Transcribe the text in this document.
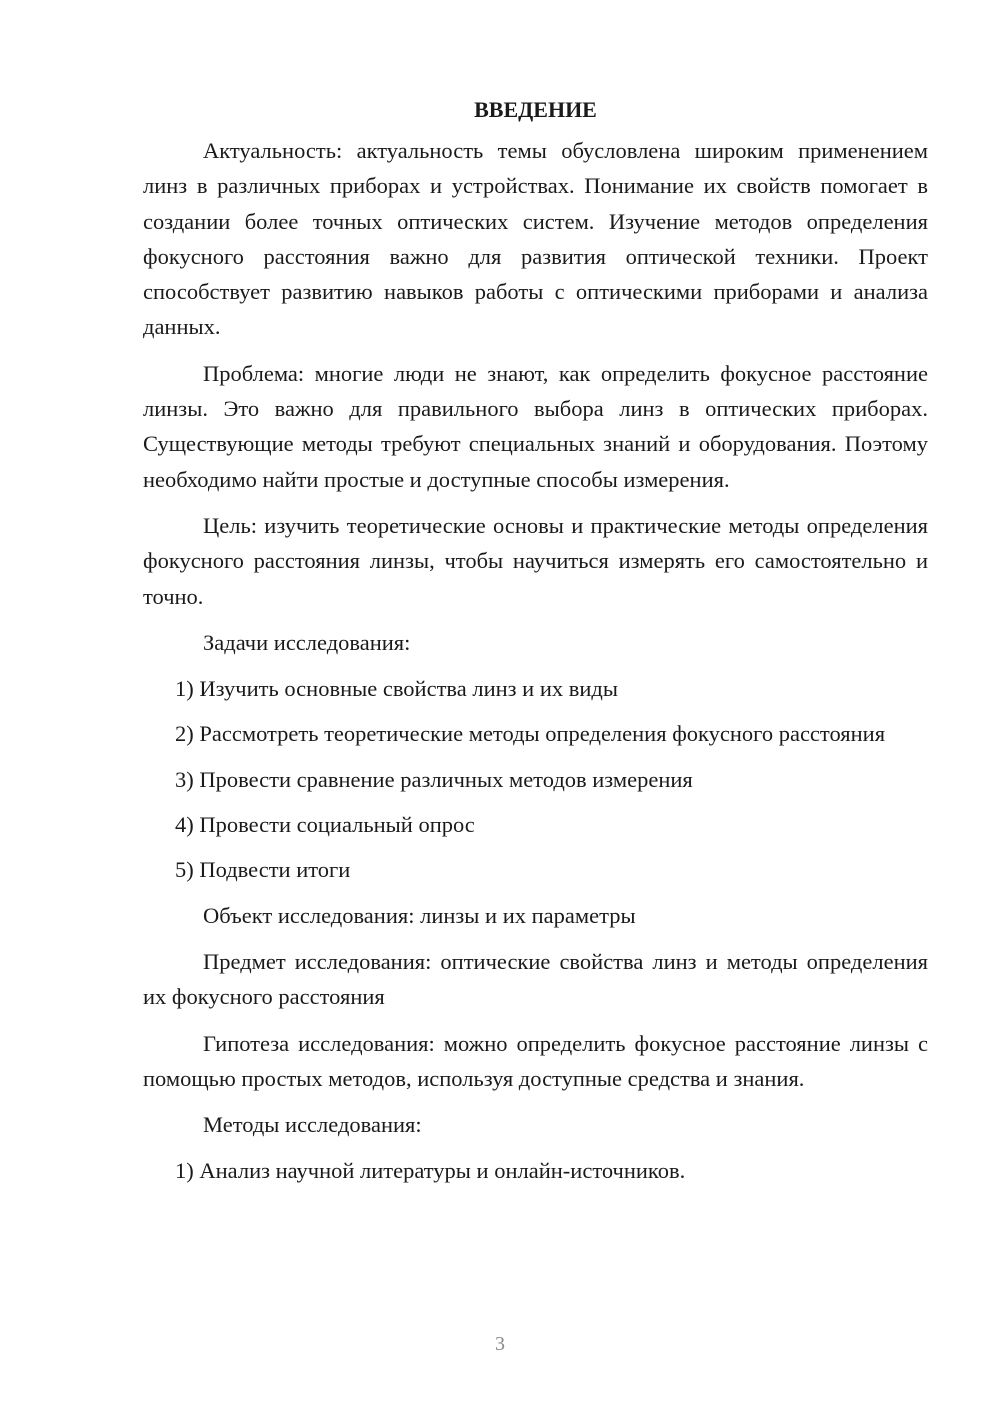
ВВЕДЕНИЕ

Актуальность: актуальность темы обусловлена широким применением линз в различных приборах и устройствах. Понимание их свойств помогает в создании более точных оптических систем. Изучение методов определения фокусного расстояния важно для развития оптической техники. Проект способствует развитию навыков работы с оптическими приборами и анализа данных.

Проблема: многие люди не знают, как определить фокусное расстояние линзы. Это важно для правильного выбора линз в оптических приборах. Существующие методы требуют специальных знаний и оборудования. Поэтому необходимо найти простые и доступные способы измерения.

Цель: изучить теоретические основы и практические методы определения фокусного расстояния линзы, чтобы научиться измерять его самостоятельно и точно.

Задачи исследования:

1) Изучить основные свойства линз и их виды

2) Рассмотреть теоретические методы определения фокусного расстояния

3) Провести сравнение различных методов измерения

4) Провести социальный опрос

5) Подвести итоги

Объект исследования: линзы и их параметры

Предмет исследования: оптические свойства линз и методы определения их фокусного расстояния

Гипотеза исследования: можно определить фокусное расстояние линзы с помощью простых методов, используя доступные средства и знания.

Методы исследования:

1) Анализ научной литературы и онлайн-источников.

3
